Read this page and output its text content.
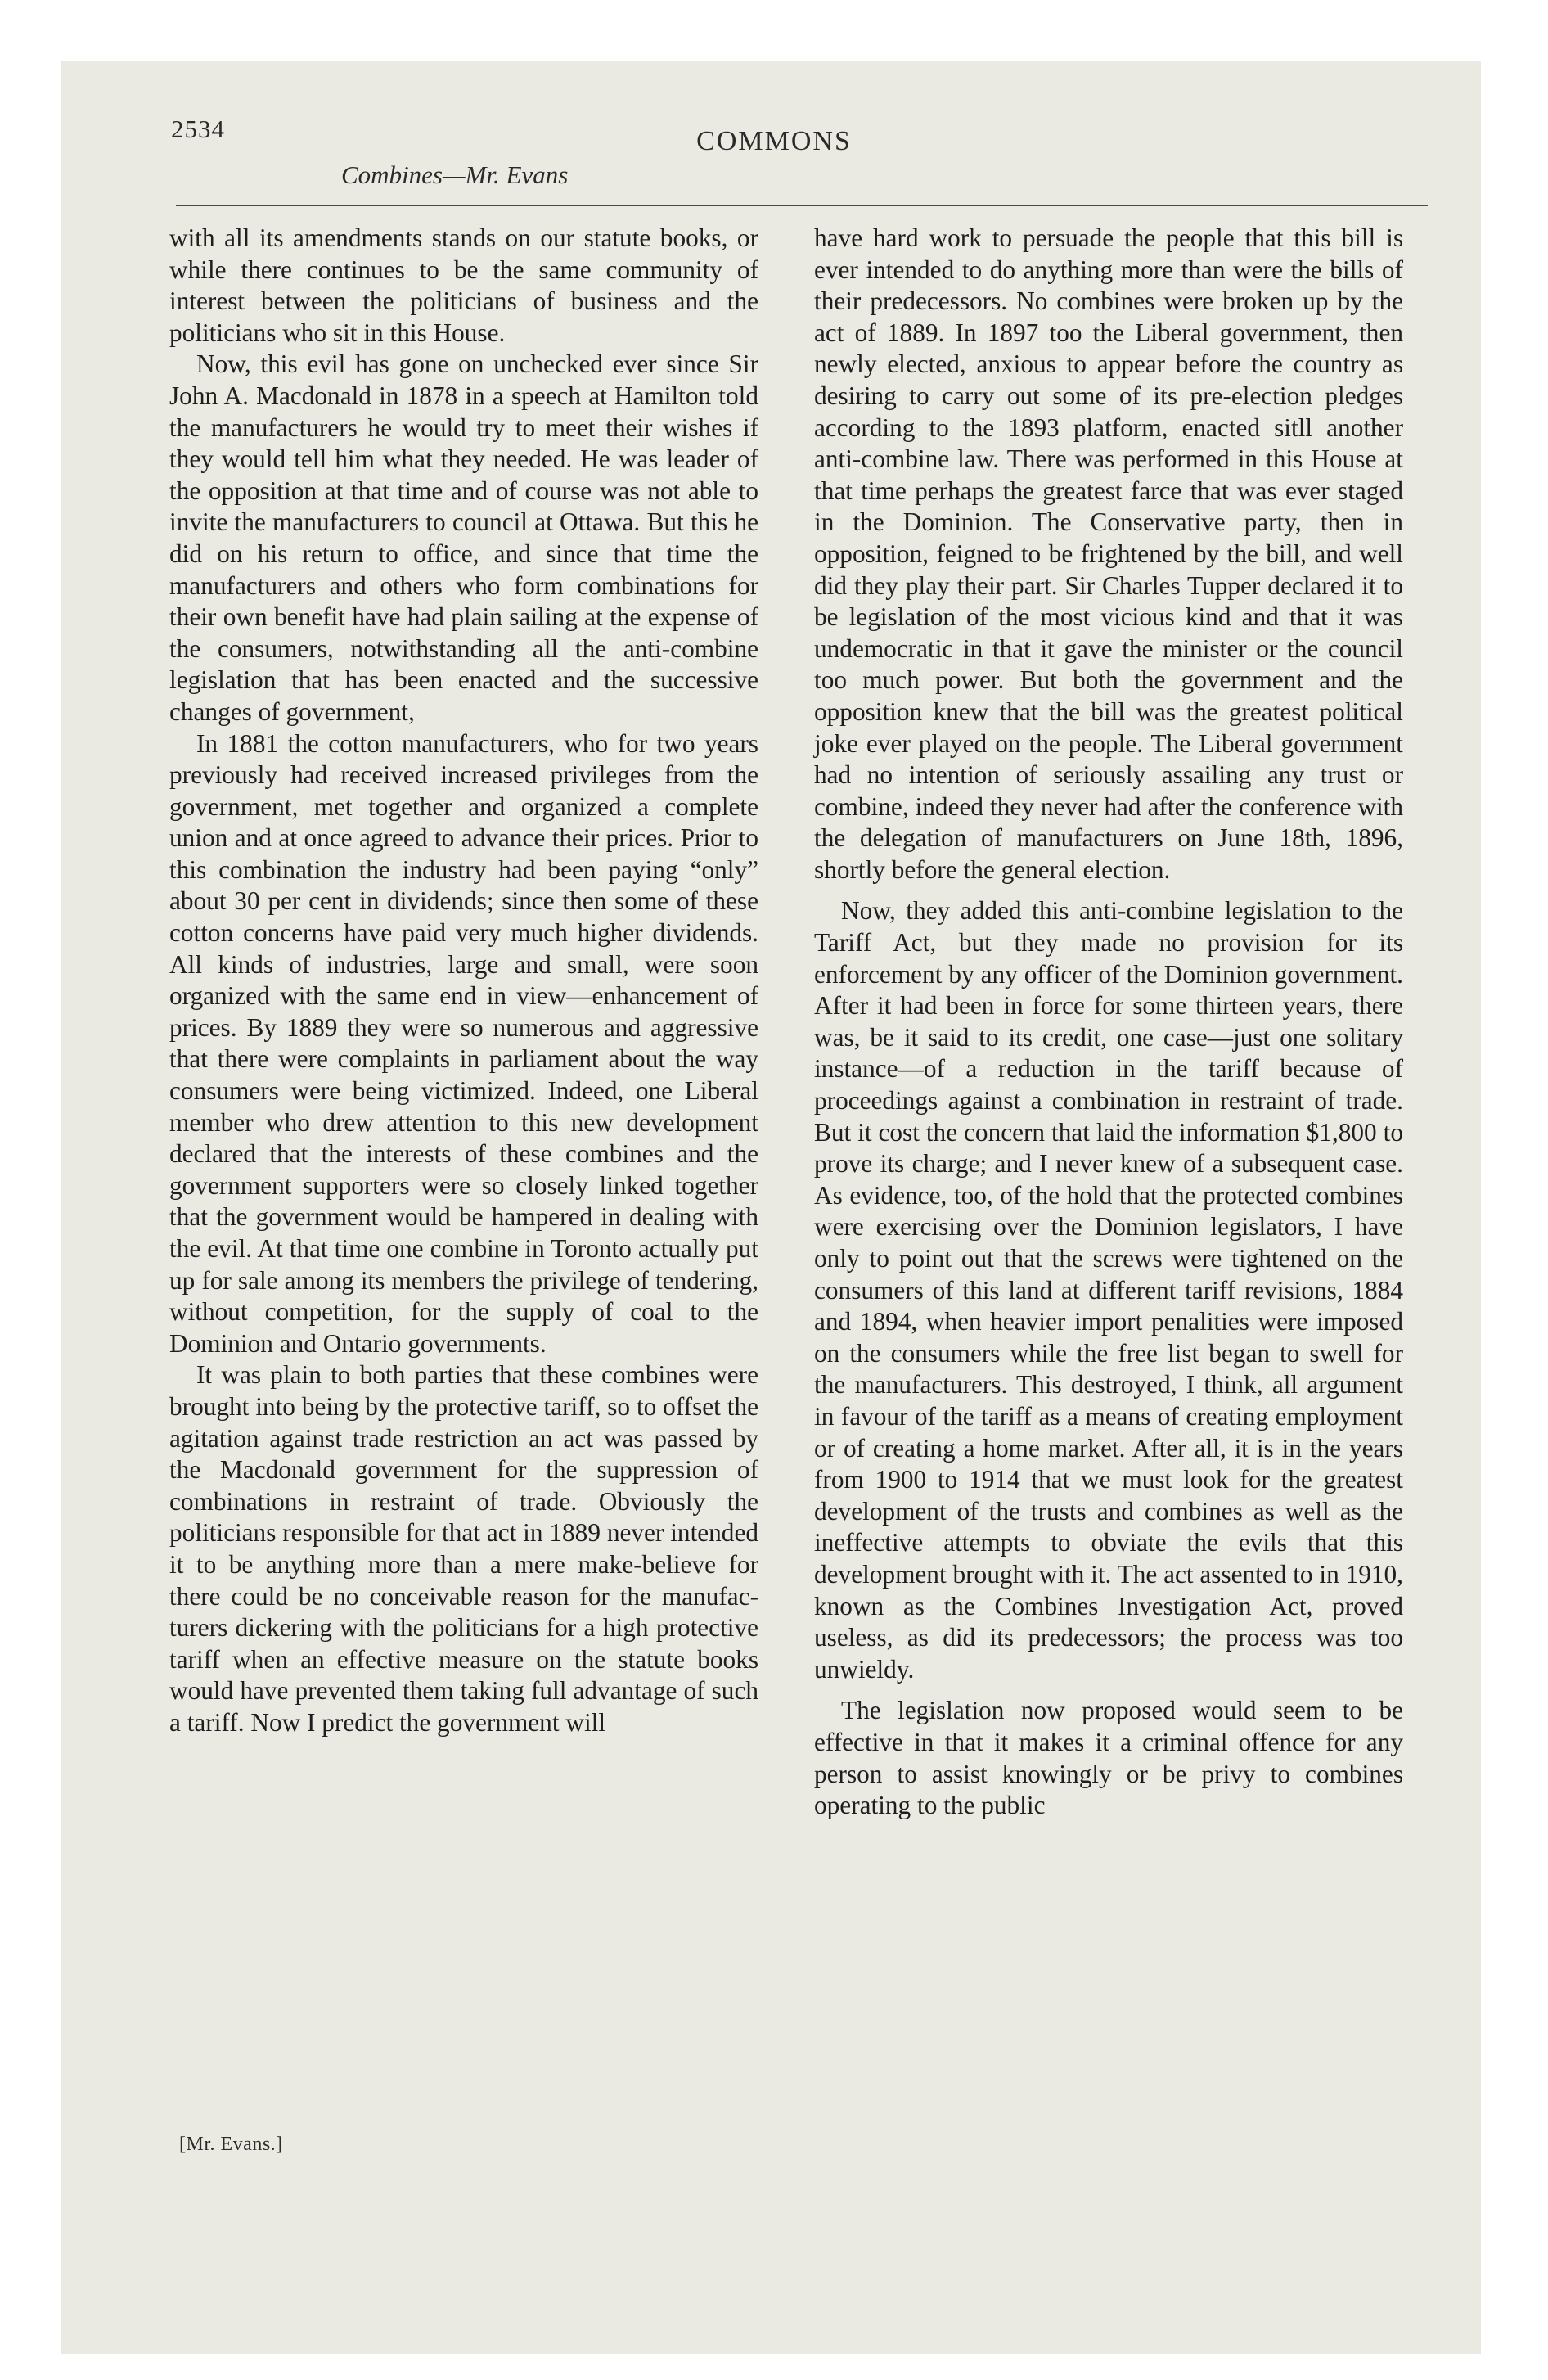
2534	COMMONS
Combines—Mr. Evans

with all its amendments stands on our statute books, or while there continues to be the same community of interest between the politicians of business and the politicians who sit in this House.

Now, this evil has gone on unchecked ever since Sir John A. Macdonald in 1878 in a speech at Hamilton told the manufacturers he would try to meet their wishes if they would tell him what they needed. He was leader of the opposition at that time and of course was not able to invite the manufacturers to council at Ottawa. But this he did on his return to office, and since that time the manufacturers and others who form combinations for their own benefit have had plain sailing at the expense of the consumers, notwithstanding all the anti-combine legislation that has been enacted and the successive changes of government,

In 1881 the cotton manufacturers, who for two years previously had received increased privileges from the government, met together and organized a complete union and at once agreed to advance their prices. Prior to this combination the industry had been paying “only” about 30 per cent in dividends; since then some of these cotton concerns have paid very much higher dividends. All kinds of industries, large and small, were soon organized with the same end in view—enhancement of prices. By 1889 they were so numerous and aggressive that there were complaints in parliament about the way consumers were being victimized. Indeed, one Liberal member who drew attention to this new development declared that the interests of these combines and the government supporters were so closely linked together that the government would be hampered in dealing with the evil. At that time one combine in Toronto actually put up for sale among its members the privilege of tendering, without competition, for the supply of coal to the Dominion and Ontario governments.

It was plain to both parties that these combines were brought into being by the protective tariff, so to offset the agitation against trade restriction an act was passed by the Macdonald government for the suppression of combinations in restraint of trade. Obviously the politicians responsible for that act in 1889 never intended it to be anything more than a mere make-believe for there could be no conceivable reason for the manufacturers dickering with the politicians for a high protective tariff when an effective measure on the statute books would have prevented them taking full advantage of such a tariff. Now I predict the government will

have hard work to persuade the people that this bill is ever intended to do anything more than were the bills of their predecessors. No combines were broken up by the act of 1889. In 1897 too the Liberal government, then newly elected, anxious to appear before the country as desiring to carry out some of its pre-election pledges according to the 1893 platform, enacted sitll another anti-combine law. There was performed in this House at that time perhaps the greatest farce that was ever staged in the Dominion. The Conservative party, then in opposition, feigned to be frightened by the bill, and well did they play their part. Sir Charles Tupper declared it to be legislation of the most vicious kind and that it was undemocratic in that it gave the minister or the council too much power. But both the government and the opposition knew that the bill was the greatest political joke ever played on the people. The Liberal government had no intention of seriously assailing any trust or combine, indeed they never had after the conference with the delegation of manufacturers on June 18th, 1896, shortly before the general election.

Now, they added this anti-combine legislation to the Tariff Act, but they made no provision for its enforcement by any officer of the Dominion government. After it had been in force for some thirteen years, there was, be it said to its credit, one case—just one solitary instance—of a reduction in the tariff because of proceedings against a combination in restraint of trade. But it cost the concern that laid the information $1,800 to prove its charge; and I never knew of a subsequent case. As evidence, too, of the hold that the protected combines were exercising over the Dominion legislators, I have only to point out that the screws were tightened on the consumers of this land at different tariff revisions, 1884 and 1894, when heavier import penalities were imposed on the consumers while the free list began to swell for the manufacturers. This destroyed, I think, all argument in favour of the tariff as a means of creating employment or of creating a home market. After all, it is in the years from 1900 to 1914 that we must look for the greatest development of the trusts and combines as well as the ineffective attempts to obviate the evils that this development brought with it. The act assented to in 1910, known as the Combines Investigation Act, proved useless, as did its predecessors; the process was too unwieldy.

The legislation now proposed would seem to be effective in that it makes it a criminal offence for any person to assist knowingly or be privy to combines operating to the public

[Mr. Evans.]
